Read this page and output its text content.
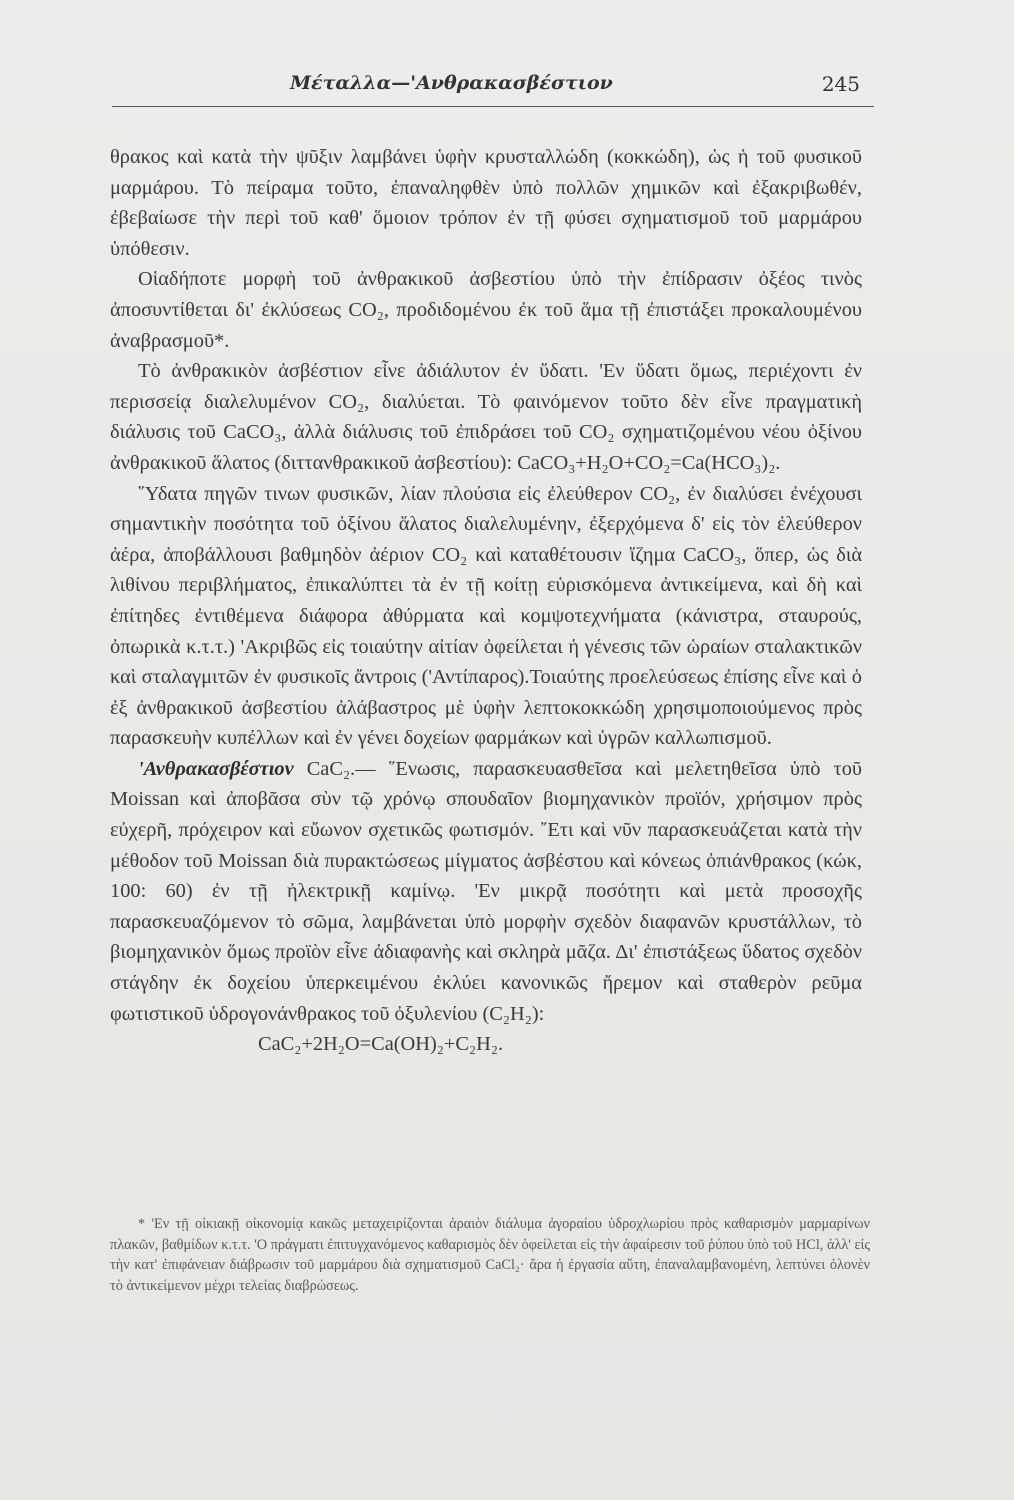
Μέταλλα—'Ανθρακασβέστιον	245

θρακος καὶ κατὰ τὴν ψῦξιν λαμβάνει ὑφὴν κρυσταλλώδη (κοκκώδη), ὡς ἡ τοῦ φυσικοῦ μαρμάρου. Τὸ πείραμα τοῦτο, ἐπαναληφθὲν ὑπὸ πολλῶν χημικῶν καὶ ἐξακριβωθέν, ἐβεβαίωσε τὴν περὶ τοῦ καθ' ὅμοιον τρόπον ἐν τῇ φύσει σχηματισμοῦ τοῦ μαρμάρου ὑπόθεσιν.

Οἱαδήποτε μορφὴ τοῦ ἀνθρακικοῦ ἀσβεστίου ὑπὸ τὴν ἐπίδρασιν ὀξέος τινὸς ἀποσυντίθεται δι' ἐκλύσεως CO₂, προδιδομένου ἐκ τοῦ ἅμα τῇ ἐπιστάξει προκαλουμένου ἀναβρασμοῦ*.

Τὸ ἀνθρακικὸν ἀσβέστιον εἶνε ἀδιάλυτον ἐν ὕδατι. 'Εν ὕδατι ὅμως, περιέχοντι ἐν περισσείᾳ διαλελυμένον CO₂, διαλύεται. Τὸ φαινόμενον τοῦτο δὲν εἶνε πραγματικὴ διάλυσις τοῦ CaCO₃, ἀλλὰ διάλυσις τοῦ ἐπιδράσει τοῦ CO₂ σχηματιζομένου νέου ὀξίνου ἀνθρακικοῦ ἅλατος (διττανθρακικοῦ ἀσβεστίου): CaCO₃+H₂O+CO₂=Ca(HCO₃)₂.

῞Υδατα πηγῶν τινων φυσικῶν, λίαν πλούσια εἰς ἐλεύθερον CO₂, ἐν διαλύσει ἐνέχουσι σημαντικὴν ποσότητα τοῦ ὀξίνου ἅλατος διαλελυμένην, ἐξερχόμενα δ' εἰς τὸν ἐλεύθερον ἀέρα, ἀποβάλλουσι βαθμηδὸν ἀέριον CO₂ καὶ καταθέτουσιν ἵζημα CaCO₃, ὅπερ, ὡς διὰ λιθίνου περιβλήματος, ἐπικαλύπτει τὰ ἐν τῇ κοίτῃ εὑρισκόμενα ἀντικείμενα, καὶ δὴ καὶ ἐπίτηδες ἐντιθέμενα διάφορα ἀθύρματα καὶ κομψοτεχνήματα (κάνιστρα, σταυρούς, ὀπωρικὰ κ.τ.τ.) 'Ακριβῶς εἰς τοιαύτην αἰτίαν ὀφείλεται ἡ γένεσις τῶν ὡραίων σταλακτικῶν καὶ σταλαγμιτῶν ἐν φυσικοῖς ἄντροις ('Αντίπαρος).Τοιαύτης προελεύσεως ἐπίσης εἶνε καὶ ὁ ἐξ ἀνθρακικοῦ ἀσβεστίου ἀλάβαστρος μὲ ὑφὴν λεπτοκοκκώδη χρησιμοποιούμενος πρὸς παρασκευὴν κυπέλλων καὶ ἐν γένει δοχείων φαρμάκων καὶ ὑγρῶν καλλωπισμοῦ.

'Ανθρακασβέστιον CaC₂.— ῞Ενωσις, παρασκευασθεῖσα καὶ μελετηθεῖσα ὑπὸ τοῦ Moissan καὶ ἀποβᾶσα σὺν τῷ χρόνῳ σπουδαῖον βιομηχανικὸν προϊόν, χρήσιμον πρὸς εὐχερῆ, πρόχειρον καὶ εὔωνον σχετικῶς φωτισμόν. ῎Ετι καὶ νῦν παρασκευάζεται κατὰ τὴν μέθοδον τοῦ Moissan διὰ πυρακτώσεως μίγματος ἀσβέστου καὶ κόνεως ὀπιάνθρακος (κώκ, 100: 60) ἐν τῇ ἠλεκτρικῇ καμίνῳ. 'Εν μικρᾷ ποσότητι καὶ μετὰ προσοχῆς παρασκευαζόμενον τὸ σῶμα, λαμβάνεται ὑπὸ μορφὴν σχεδὸν διαφανῶν κρυστάλλων, τὸ βιομηχανικὸν ὅμως προϊὸν εἶνε ἀδιαφανὴς καὶ σκληρὰ μᾶζα. Δι' ἐπιστάξεως ὕδατος σχεδὸν στάγδην ἐκ δοχείου ὑπερκειμένου ἐκλύει κανονικῶς ἤρεμον καὶ σταθερὸν ρεῦμα φωτιστικοῦ ὑδρογονάνθρακος τοῦ ὀξυλενίου (C₂H₂):

CaC₂+2H₂O=Ca(OH)₂+C₂H₂.

* 'Εν τῇ οἰκιακῇ οἰκονομίᾳ κακῶς μεταχειρίζονται ἀραιὸν διάλυμα ἀγοραίου ὑδροχλωρίου πρὸς καθαρισμὸν μαρμαρίνων πλακῶν, βαθμίδων κ.τ.τ. 'Ο πράγματι ἐπιτυγχανόμενος καθαρισμὸς δὲν ὀφείλεται εἰς τὴν ἀφαίρεσιν τοῦ ῥύπου ὑπὸ τοῦ HCl, ἀλλ' εἰς τὴν κατ' ἐπιφάνειαν διάβρωσιν τοῦ μαρμάρου διὰ σχηματισμοῦ CaCl₂· ἄρα ἡ ἐργασία αὕτη, ἐπαναλαμβανομένη, λεπτύνει ὀλονὲν τὸ ἀντικείμενον μέχρι τελείας διαβρώσεως.
